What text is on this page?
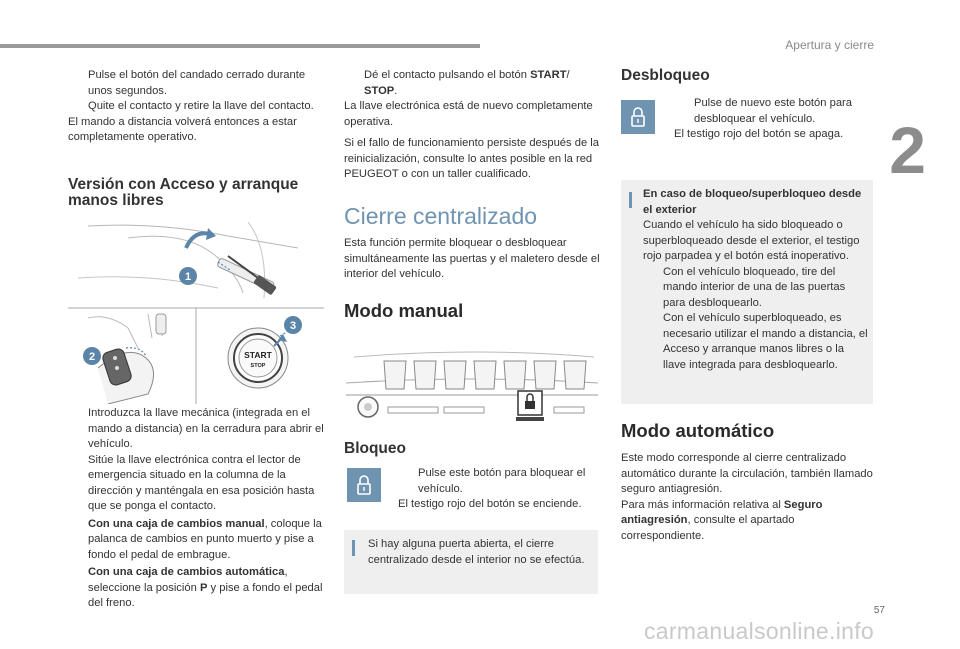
Apertura y cierre
2
Pulse el botón del candado cerrado durante unos segundos.
Quite el contacto y retire la llave del contacto.
El mando a distancia volverá entonces a estar completamente operativo.
Versión con Acceso y arranque manos libres
START
STOP
1
2
3
Introduzca la llave mecánica (integrada en el mando a distancia) en la cerradura para abrir el vehículo.
Sitúe la llave electrónica contra el lector de emergencia situado en la columna de la dirección y manténgala en esa posición hasta que se ponga el contacto.
Con una caja de cambios manual, coloque la palanca de cambios en punto muerto y pise a fondo el pedal de embrague.
Con una caja de cambios automática, seleccione la posición P y pise a fondo el pedal del freno.
Dé el contacto pulsando el botón START/ STOP.
La llave electrónica está de nuevo completamente operativa.
Si el fallo de funcionamiento persiste después de la reinicialización, consulte lo antes posible en la red PEUGEOT o con un taller cualificado.
Cierre centralizado
Esta función permite bloquear o desbloquear simultáneamente las puertas y el maletero desde el interior del vehículo.
Modo manual
Bloqueo
Pulse este botón para bloquear el vehículo.
El testigo rojo del botón se enciende.
Si hay alguna puerta abierta, el cierre centralizado desde el interior no se efectúa.
Desbloqueo
Pulse de nuevo este botón para desbloquear el vehículo.
El testigo rojo del botón se apaga.
En caso de bloqueo/superbloqueo desde el exterior
Cuando el vehículo ha sido bloqueado o superbloqueado desde el exterior, el testigo rojo parpadea y el botón está inoperativo.
Con el vehículo bloqueado, tire del mando interior de una de las puertas para desbloquearlo.
Con el vehículo superbloqueado, es necesario utilizar el mando a distancia, el Acceso y arranque manos libres o la llave integrada para desbloquearlo.
Modo automático
Este modo corresponde al cierre centralizado automático durante la circulación, también llamado seguro antiagresión.
Para más información relativa al Seguro antiagresión, consulte el apartado correspondiente.
57
carmanualsonline.info
